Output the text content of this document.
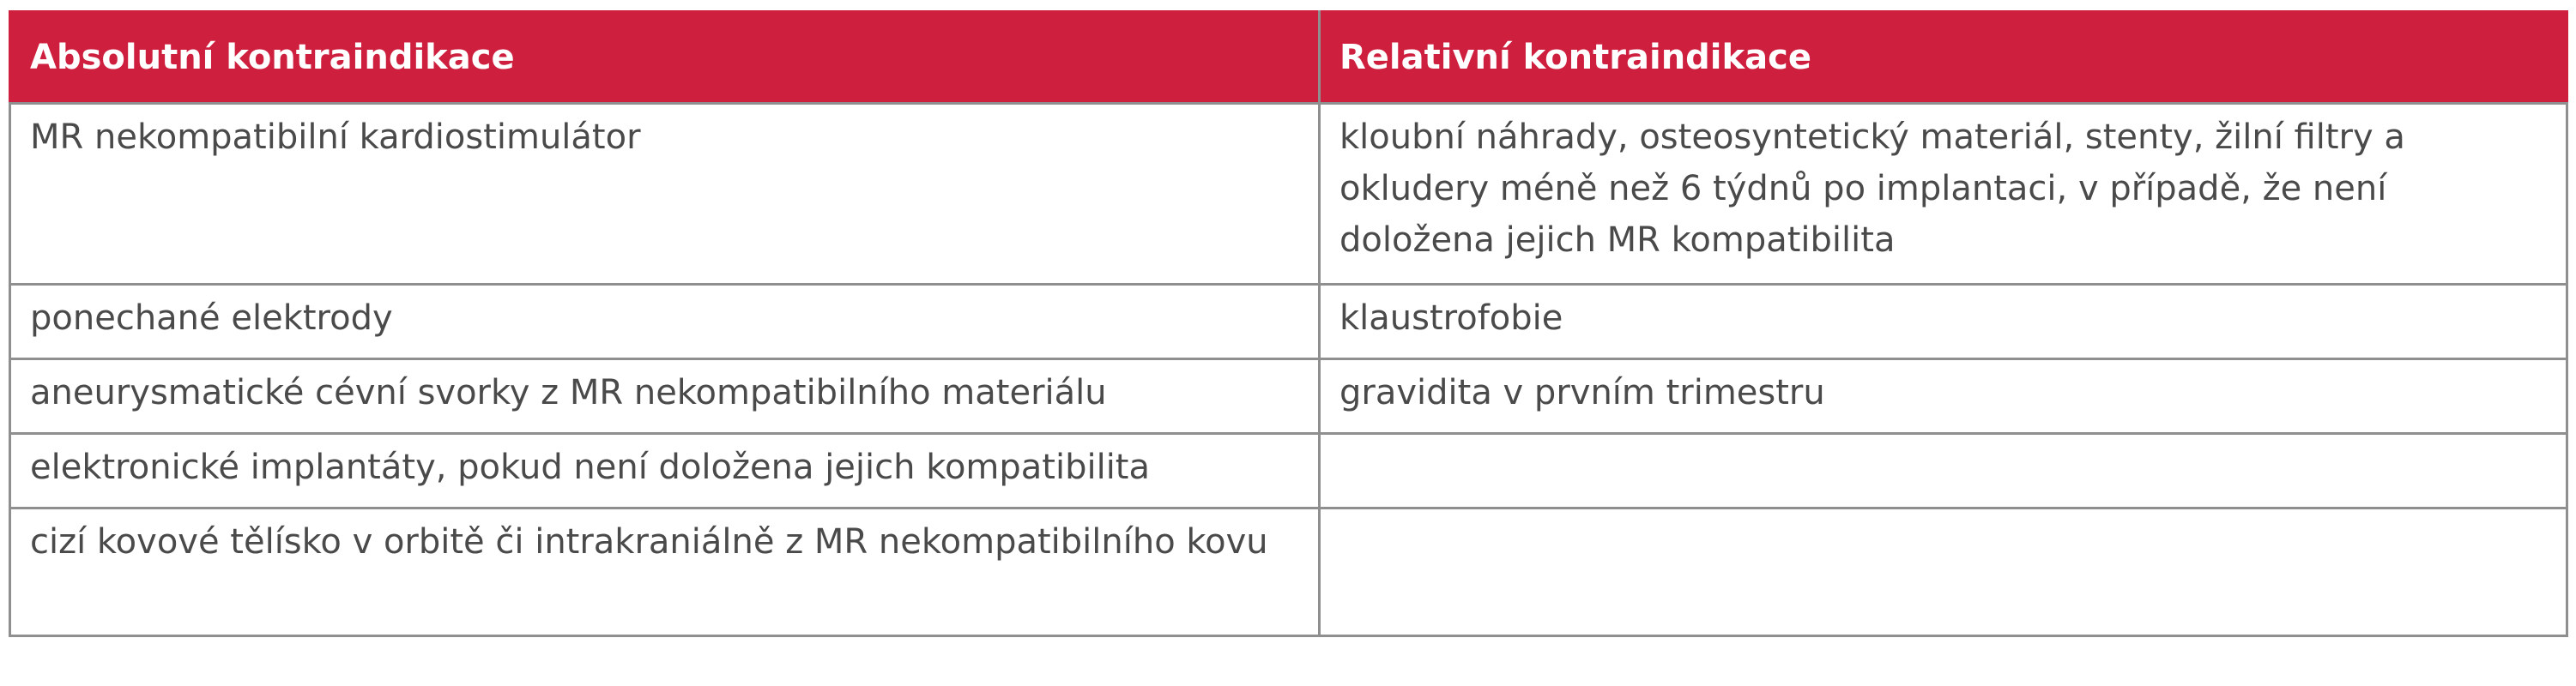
Absolutní kontraindikace	Relativní kontraindikace
MR nekompatibilní kardiostimulátor	kloubní náhrady, osteosyntetický materiál, stenty, žilní filtry a okludery méně než 6 týdnů po implantaci, v případě, že není doložena jejich MR kompatibilita
ponechané elektrody	klaustrofobie
aneurysmatické cévní svorky z MR nekompatibilního materiálu	gravidita v prvním trimestru
elektronické implantáty, pokud není doložena jejich kompatibilita	
cizí kovové tělísko v orbitě či intrakraniálně z MR nekompatibilního kovu	
